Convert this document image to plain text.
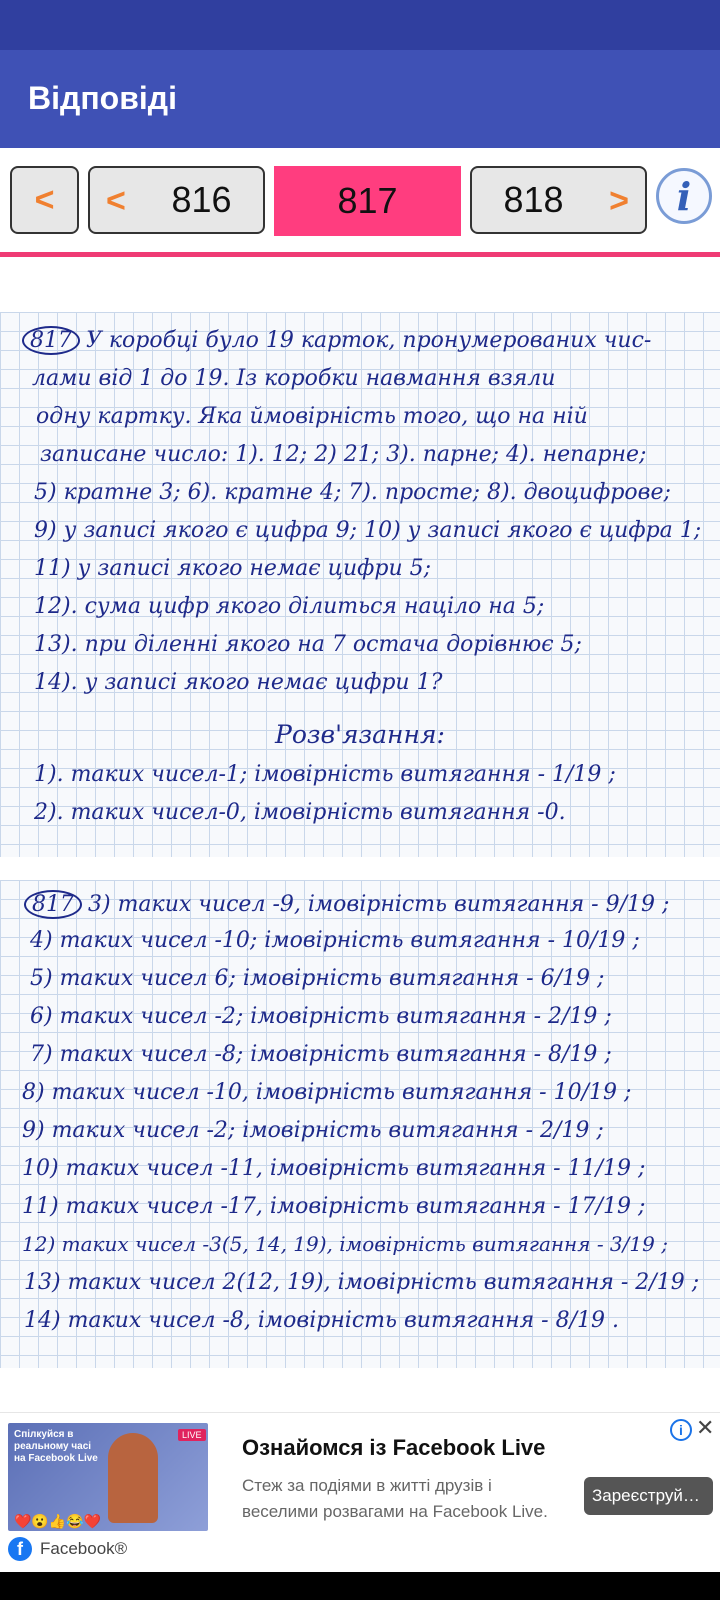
Відповіді
< < 816	817	818 >	i
817 У коробці було 19 карток, пронумерованих чис-
лами від 1 до 19. Із коробки навмання взяли
одну картку. Яка ймовірність того, що на ній
записане число: 1). 12; 2) 21; 3). парне; 4). непарне;
5) кратне 3; 6). кратне 4; 7). просте; 8). двоцифрове;
9) у записі якого є цифра 9; 10) у записі якого є цифра 1;
11) у записі якого немає цифри 5;
12). сума цифр якого ділиться націло на 5;
13). при діленні якого на 7 остача дорівнює 5;
14). у записі якого немає цифри 1?
Розв'язання:
1). таких чисел-1; імовірність витягання - 1/19 ;
2). таких чисел-0, імовірність витягання -0.
817 3) таких чисел -9, імовірність витягання - 9/19 ;
4) таких чисел -10; імовірність витягання - 10/19 ;
5) таких чисел 6; імовірність витягання - 6/19 ;
6) таких чисел -2; імовірність витягання - 2/19 ;
7) таких чисел -8; імовірність витягання - 8/19 ;
8) таких чисел -10, імовірність витягання - 10/19 ;
9) таких чисел -2; імовірність витягання - 2/19 ;
10) таких чисел -11, імовірність витягання - 11/19 ;
11) таких чисел -17, імовірність витягання - 17/19 ;
12) таких чисел -3(5, 14, 19), імовірність витягання - 3/19 ;
13) таких чисел 2(12, 19), імовірність витягання - 2/19 ;
14) таких чисел -8, імовірність витягання - 8/19 .
Спілкуйся в реальному часі на Facebook Live
LIVE
❤️😮👍😂❤️
f	Facebook®
Ознайомся із Facebook Live
Стеж за подіями в житті друзів і веселими розвагами на Facebook Live.
Зареєструй…
i ✕
